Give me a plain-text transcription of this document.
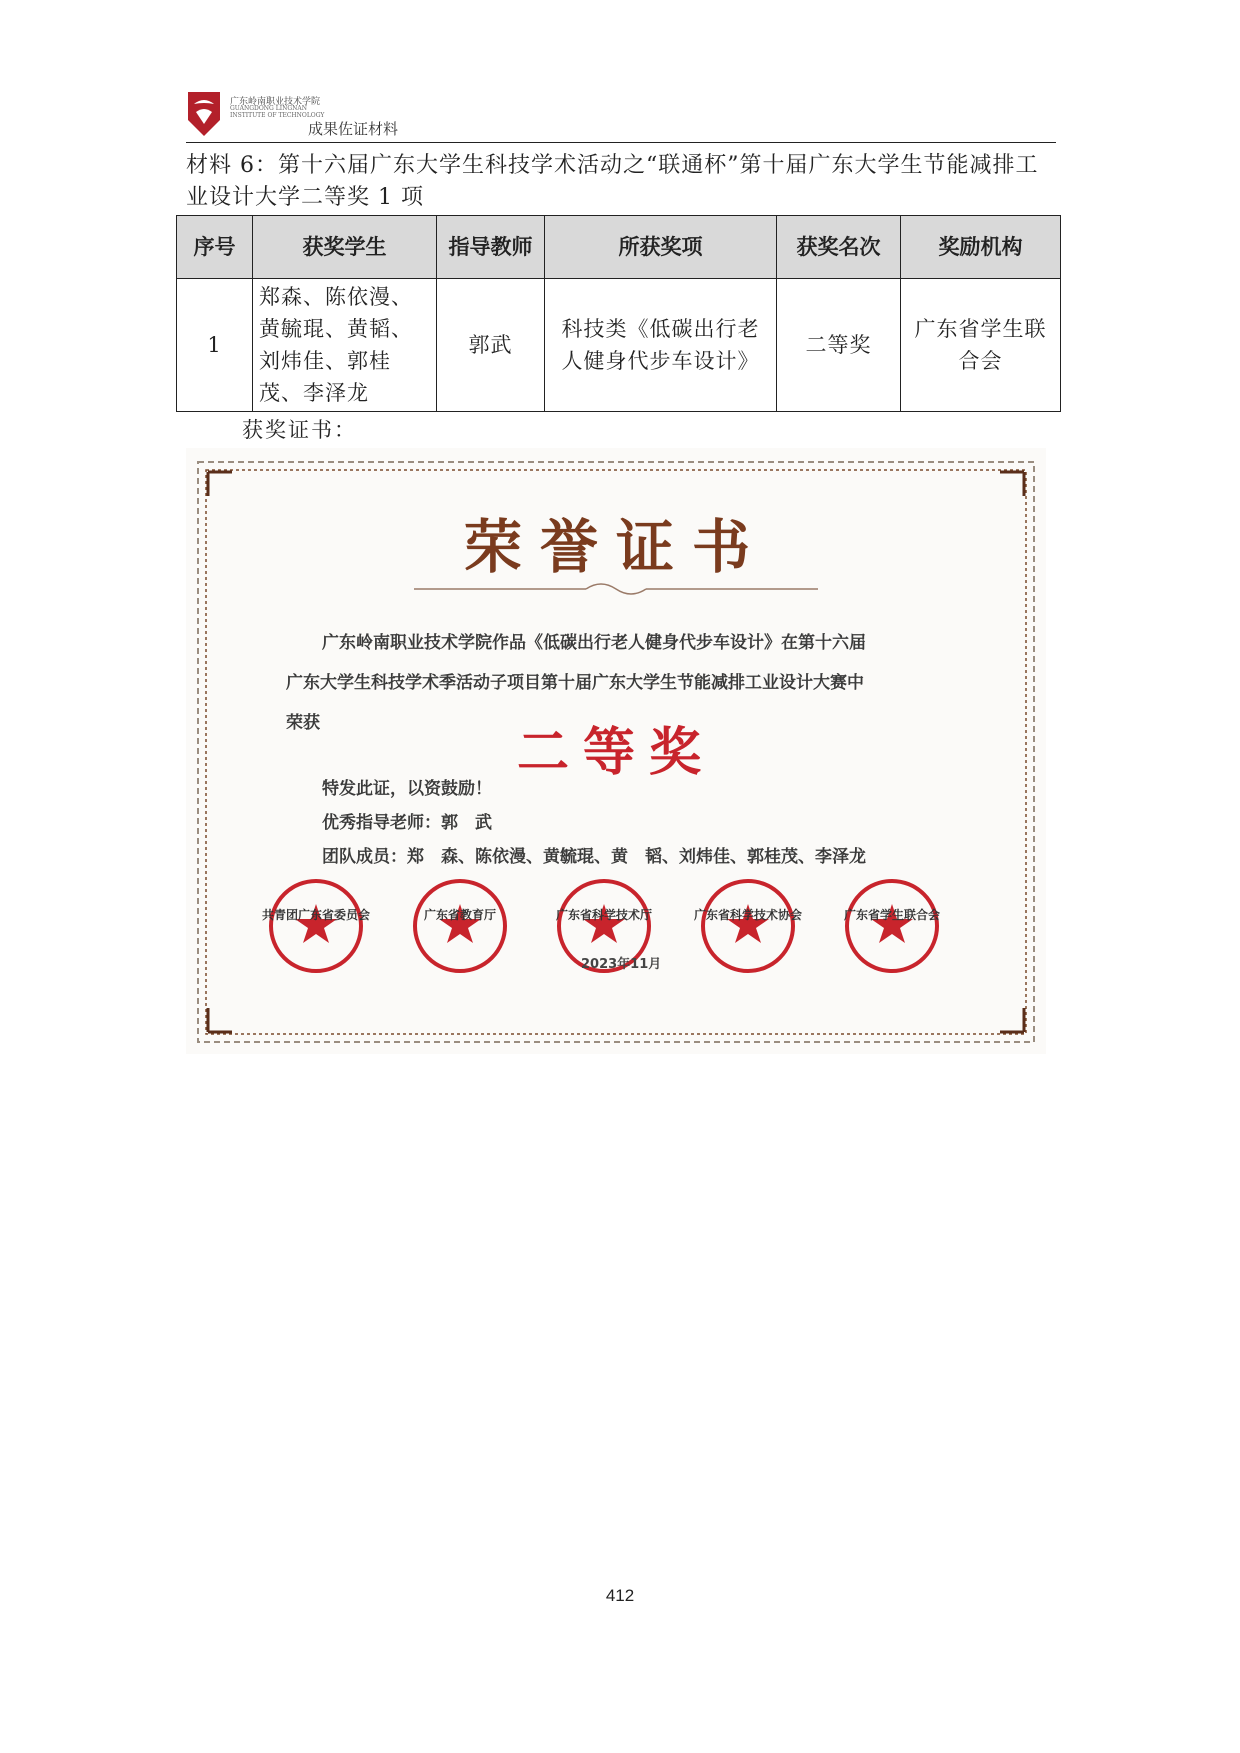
广东岭南职业技术学院
GUANGDONG LINGNAN
INSTITUTE OF TECHNOLOGY
成果佐证材料
材料 6：第十六届广东大学生科技学术活动之“联通杯”第十届广东大学生节能减排工业设计大学二等奖 1 项
序号	获奖学生	指导教师	所获奖项	获奖名次	奖励机构
1	郑森、陈依漫、黄毓琨、黄韬、刘炜佳、郭桂茂、李泽龙	郭武	科技类《低碳出行老人健身代步车设计》	二等奖	广东省学生联合会
获奖证书：
荣誉证书
广东岭南职业技术学院作品《低碳出行老人健身代步车设计》在第十六届
广东大学生科技学术季活动子项目第十届广东大学生节能减排工业设计大赛中
荣获	二等奖
特发此证，以资鼓励！
优秀指导老师：郭　武
团队成员：郑　森、陈依漫、黄毓琨、黄　韬、刘炜佳、郭桂茂、李泽龙
共青团广东省委员会	广东省教育厅	广东省科学技术厅	广东省科学技术协会	广东省学生联合会
2023年11月
412
